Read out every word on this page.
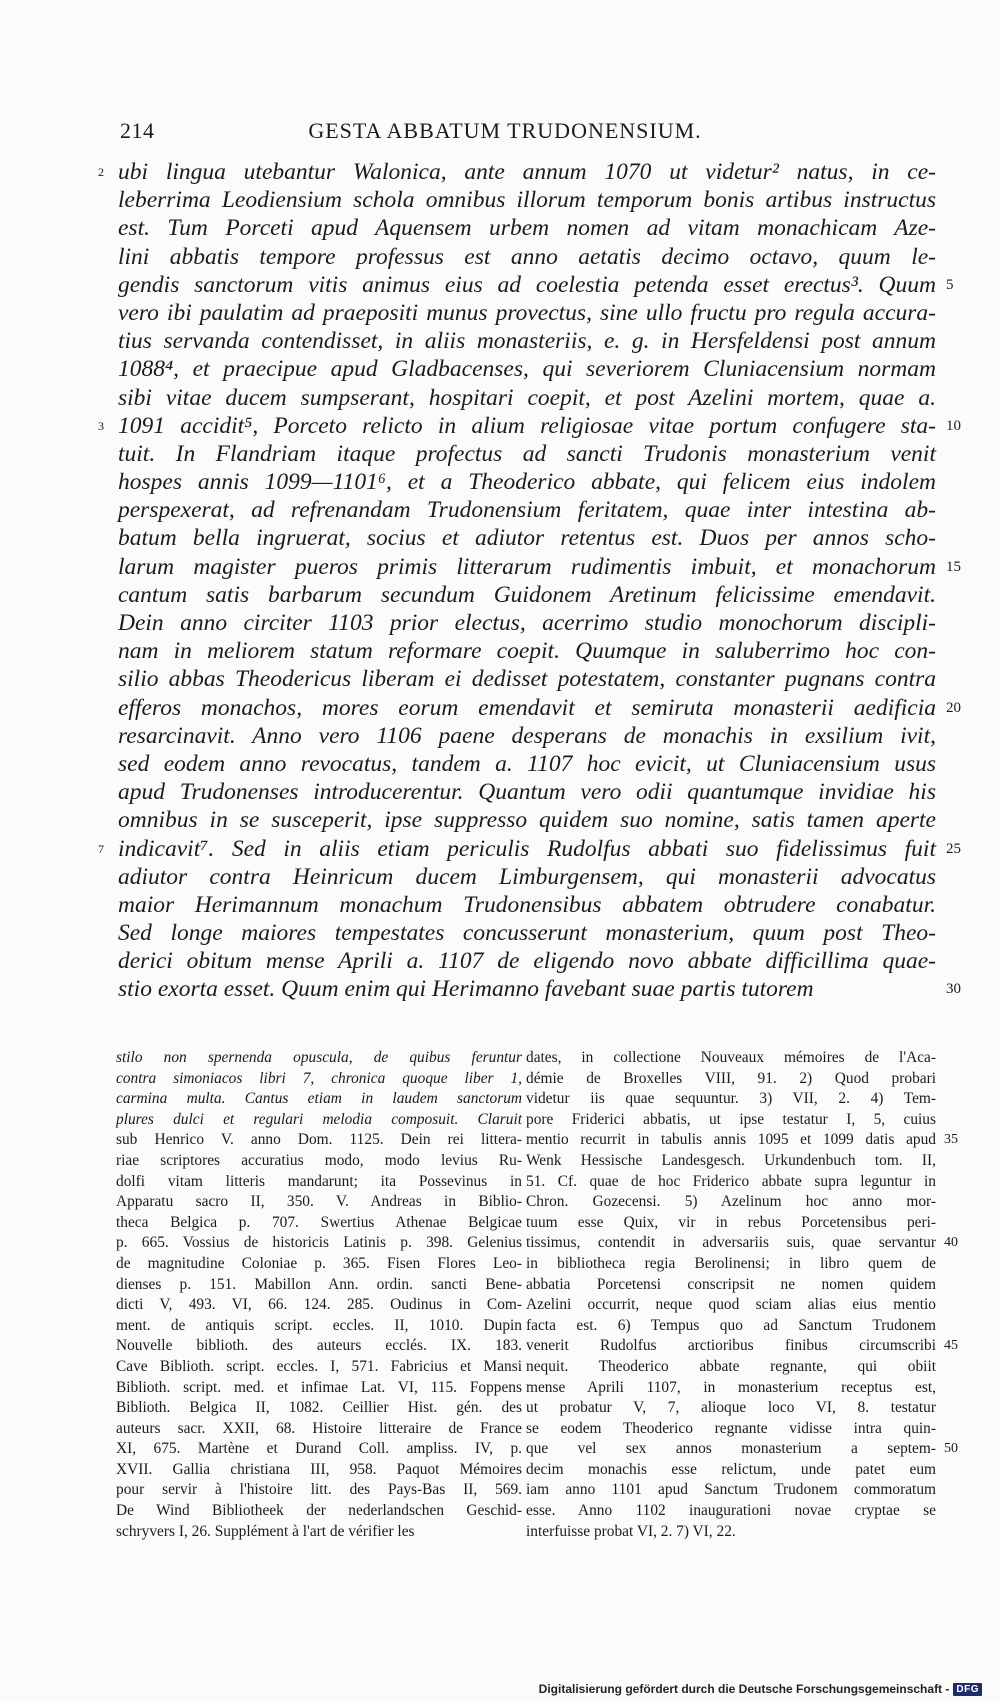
214	GESTA ABBATUM TRUDONENSIUM.
2 ubi lingua utebantur Walonica, ante annum 1070 ut videtur² natus, in ce-
leberrima Leodiensium schola omnibus illorum temporum bonis artibus instructus
est. Tum Porceti apud Aquensem urbem nomen ad vitam monachicam Aze-
lini abbatis tempore professus est anno aetatis decimo octavo, quum le-
gendis sanctorum vitis animus eius ad coelestia petenda esset erectus³. Quum 5
vero ibi paulatim ad praepositi munus provectus, sine ullo fructu pro regula accura-
tius servanda contendisset, in aliis monasteriis, e. g. in Hersfeldensi post annum
1088⁴, et praecipue apud Gladbacenses, qui severiorem Cluniacensium normam
sibi vitae ducem sumpserant, hospitari coepit, et post Azelini mortem, quae a.
3 1091 accidit⁵, Porceto relicto in alium religiosae vitae portum confugere sta- 10
tuit. In Flandriam itaque profectus ad sancti Trudonis monasterium venit
hospes annis 1099—1101⁶, et a Theoderico abbate, qui felicem eius indolem
perspexerat, ad refrenandam Trudonensium feritatem, quae inter intestina ab-
batum bella ingruerat, socius et adiutor retentus est. Duos per annos scho-
larum magister pueros primis litterarum rudimentis imbuit, et monachorum 15
cantum satis barbarum secundum Guidonem Aretinum felicissime emendavit.
Dein anno circiter 1103 prior electus, acerrimo studio monochorum discipli-
nam in meliorem statum reformare coepit. Quumque in saluberrimo hoc con-
silio abbas Theodericus liberam ei dedisset potestatem, constanter pugnans contra
efferos monachos, mores eorum emendavit et semiruta monasterii aedificia 20
resarcinavit. Anno vero 1106 paene desperans de monachis in exsilium ivit,
sed eodem anno revocatus, tandem a. 1107 hoc evicit, ut Cluniacensium usus
apud Trudonenses introducerentur. Quantum vero odii quantumque invidiae his
omnibus in se susceperit, ipse suppresso quidem suo nomine, satis tamen aperte
7 indicavit⁷. Sed in aliis etiam periculis Rudolfus abbati suo fidelissimus fuit 25
adiutor contra Heinricum ducem Limburgensem, qui monasterii advocatus
maior Herimannum monachum Trudonensibus abbatem obtrudere conabatur.
Sed longe maiores tempestates concusserunt monasterium, quum post Theo-
derici obitum mense Aprili a. 1107 de eligendo novo abbate difficillima quae-
stio exorta esset. Quum enim qui Herimanno favebant suae partis tutorem	30
stilo non spernenda opuscula, de quibus feruntur
contra simoniacos libri 7, chronica quoque liber 1,
carmina multa. Cantus etiam in laudem sanctorum
plures dulci et regulari melodia composuit. Claruit
sub Henrico V. anno Dom. 1125. Dein rei littera-
riae scriptores accuratius modo, modo levius Ru-
dolfi vitam litteris mandarunt; ita Possevinus in
Apparatu sacro II, 350. V. Andreas in Biblio-
theca Belgica p. 707. Swertius Athenae Belgicae
p. 665. Vossius de historicis Latinis p. 398. Gelenius
de magnitudine Coloniae p. 365. Fisen Flores Leo-
dienses p. 151. Mabillon Ann. ordin. sancti Bene-
dicti V, 493. VI, 66. 124. 285. Oudinus in Com-
ment. de antiquis script. eccles. II, 1010. Dupin
Nouvelle biblioth. des auteurs ecclés. IX. 183.
Cave Biblioth. script. eccles. I, 571. Fabricius et Mansi
Biblioth. script. med. et infimae Lat. VI, 115. Foppens
Biblioth. Belgica II, 1082. Ceillier Hist. gén. des
auteurs sacr. XXII, 68. Histoire litteraire de France
XI, 675. Martène et Durand Coll. ampliss. IV, p.
XVII. Gallia christiana III, 958. Paquot Mémoires
pour servir à l'histoire litt. des Pays-Bas II, 569.
De Wind Bibliotheek der nederlandschen Geschid-
schryvers I, 26. Supplément à l'art de vérifier les
dates, in collectione Nouveaux mémoires de l'Aca-
démie de Broxelles VIII, 91. 2) Quod probari
videtur iis quae sequuntur. 3) VII, 2. 4) Tem-
pore Friderici abbatis, ut ipse testatur I, 5, cuius
mentio recurrit in tabulis annis 1095 et 1099 datis apud 35
Wenk Hessische Landesgesch. Urkundenbuch tom. II,
51. Cf. quae de hoc Friderico abbate supra leguntur in
Chron. Gozecensi. 5) Azelinum hoc anno mor-
tuum esse Quix, vir in rebus Porcetensibus peri-
tissimus, contendit in adversariis suis, quae servantur 40
in bibliotheca regia Berolinensi; in libro quem de
abbatia Porcetensi conscripsit ne nomen quidem
Azelini occurrit, neque quod sciam alias eius mentio
facta est. 6) Tempus quo ad Sanctum Trudonem
venerit Rudolfus arctioribus finibus circumscribi 45
nequit. Theoderico abbate regnante, qui obiit
mense Aprili 1107, in monasterium receptus est,
ut probatur V, 7, alioque loco VI, 8. testatur
se eodem Theoderico regnante vidisse intra quin-
que vel sex annos monasterium a septem- 50
decim monachis esse relictum, unde patet eum
iam anno 1101 apud Sanctum Trudonem commoratum
esse. Anno 1102 inaugurationi novae cryptae se
interfuisse probat VI, 2. 7) VI, 22.
Digitalisierung gefördert durch die Deutsche Forschungsgemeinschaft - DFG
